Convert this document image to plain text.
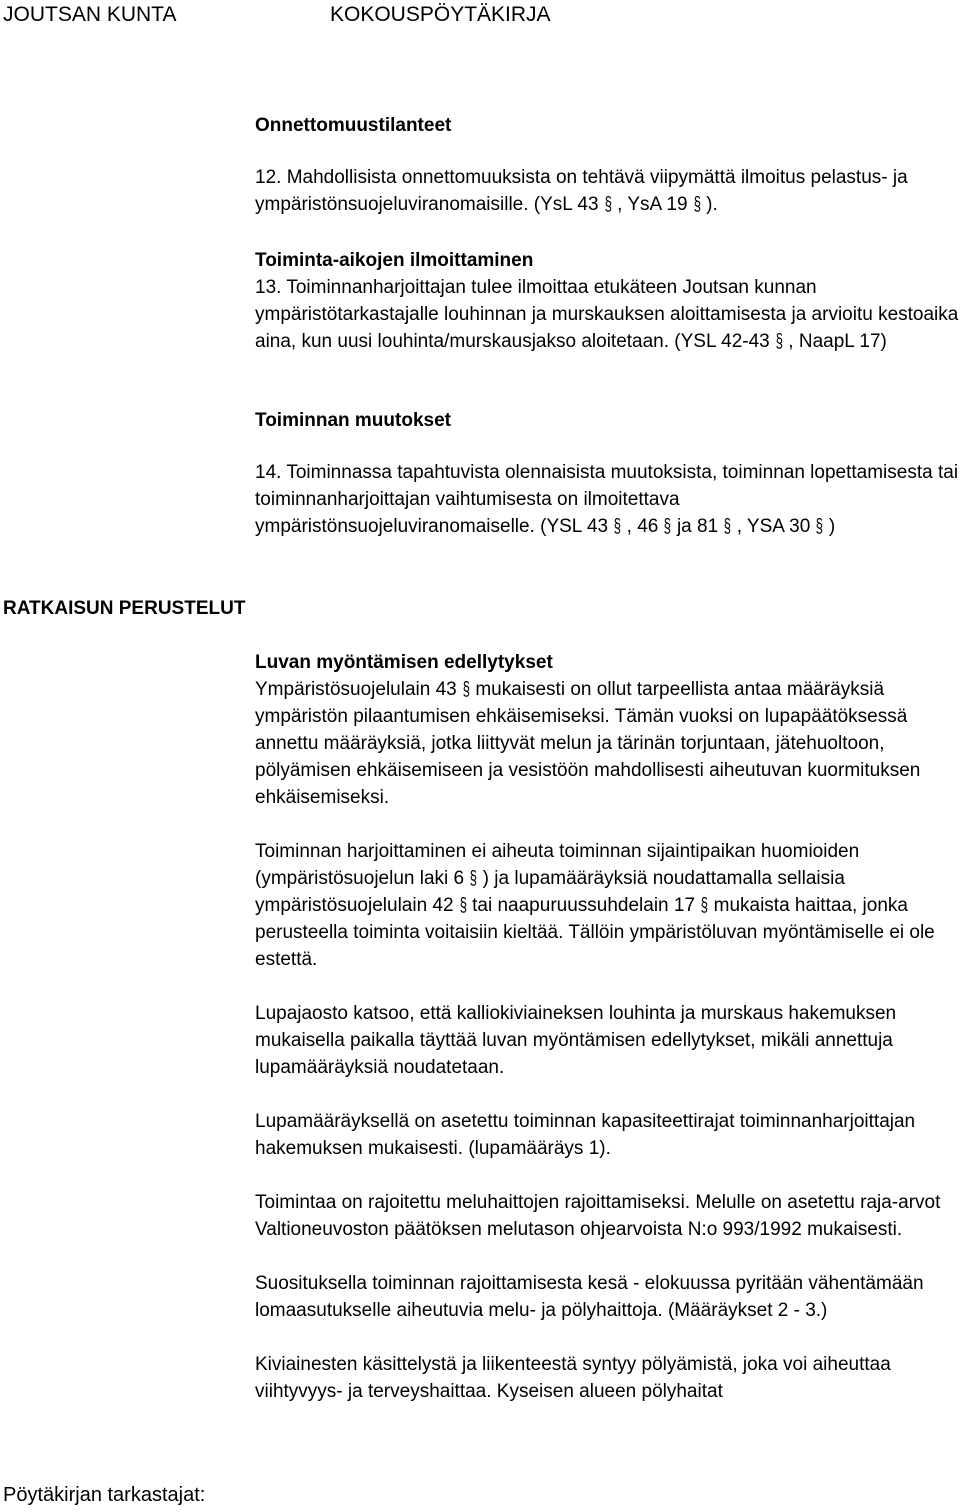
JOUTSAN KUNTA	KOKOUSPÖYTÄKIRJA

Onnettomuustilanteet

12. Mahdollisista onnettomuuksista on tehtävä viipymättä ilmoitus pelastus- ja ympäristönsuojeluviranomaisille. (YsL 43 § , YsA 19 § ).

Toiminta-aikojen ilmoittaminen

13. Toiminnanharjoittajan tulee ilmoittaa etukäteen Joutsan kunnan ympäristötarkastajalle louhinnan ja murskauksen aloittamisesta ja arvioitu kestoaika aina, kun uusi louhinta/murskausjakso aloitetaan. (YSL 42-43 § , NaapL 17)

Toiminnan muutokset

14. Toiminnassa tapahtuvista olennaisista muutoksista, toiminnan lopettamisesta tai toiminnanharjoittajan vaihtumisesta on ilmoitettava ympäristönsuojeluviranomaiselle. (YSL 43 § , 46 § ja 81 § , YSA 30 § )

RATKAISUN PERUSTELUT

Luvan myöntämisen edellytykset

Ympäristösuojelulain 43 § mukaisesti on ollut tarpeellista antaa määräyksiä ympäristön pilaantumisen ehkäisemiseksi. Tämän vuoksi on lupapäätöksessä annettu määräyksiä, jotka liittyvät melun ja tärinän torjuntaan, jätehuoltoon, pölyämisen ehkäisemiseen ja vesistöön mahdollisesti aiheutuvan kuormituksen ehkäisemiseksi.

Toiminnan harjoittaminen ei aiheuta toiminnan sijaintipaikan huomioiden (ympäristösuojelun laki 6 § ) ja lupamääräyksiä noudattamalla sellaisia ympäristösuojelulain 42 § tai naapuruussuhdelain 17 § mukaista haittaa, jonka perusteella toiminta voitaisiin kieltää. Tällöin ympäristöluvan myöntämiselle ei ole estettä.

Lupajaosto katsoo, että kalliokiviaineksen louhinta ja murskaus hakemuksen mukaisella paikalla täyttää luvan myöntämisen edellytykset, mikäli annettuja lupamääräyksiä noudatetaan.

Lupamääräyksellä on asetettu toiminnan kapasiteettirajat toiminnanharjoittajan hakemuksen mukaisesti. (lupamääräys 1).

Toimintaa on rajoitettu meluhaittojen rajoittamiseksi. Melulle on asetettu raja-arvot Valtioneuvoston päätöksen melutason ohjearvoista N:o 993/1992 mukaisesti.

Suosituksella toiminnan rajoittamisesta kesä - elokuussa pyritään vähentämään lomaasutukselle aiheutuvia melu- ja pölyhaittoja. (Määräykset 2 - 3.)

Kiviainesten käsittelystä ja liikenteestä syntyy pölyämistä, joka voi aiheuttaa viihtyvyys- ja terveyshaittaa. Kyseisen alueen pölyhaitat

Pöytäkirjan tarkastajat:
